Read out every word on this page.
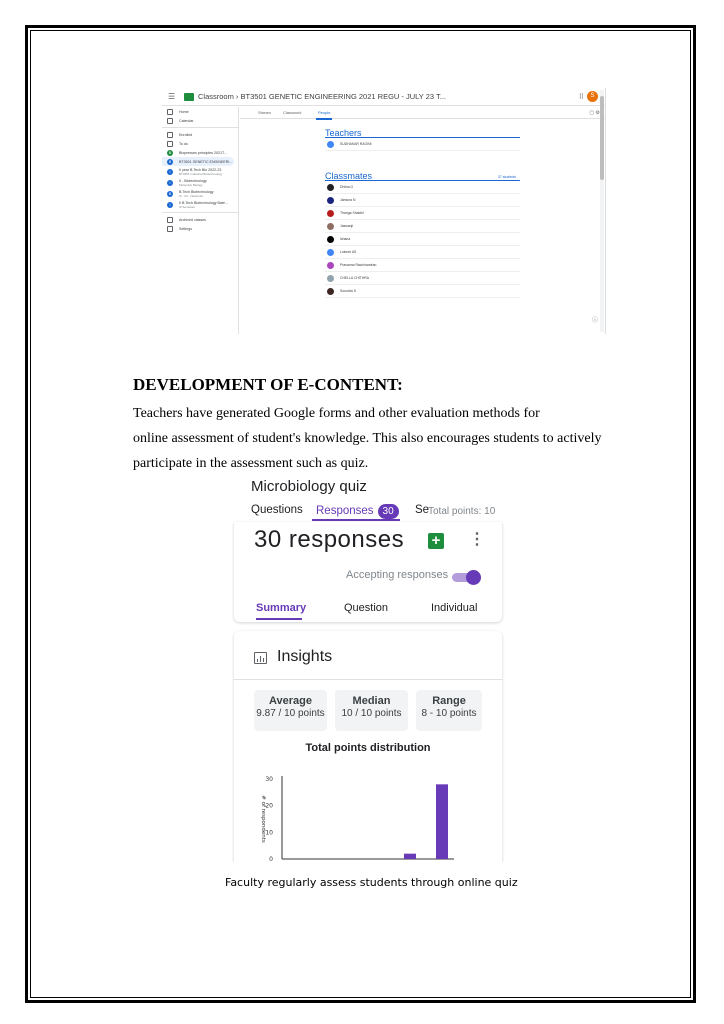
☰	Classroom › BT3501 GENETIC ENGINEERING 2021 REGU - JULY 23 T...	⠿	S
Home
Calendar
Enrolled
To do
B	Biopresses principles 2021T...
B	BT3501 GENETIC ENGINEERI...
I	II year B.Tech Bio 2022-23
BT3351 Industrial Biotechnology
I	II - Biotechnology
Molecular Biology
B	B.Tech Biotechnology
III - VII - Networks
I	II B.Tech Biotechnology Bate...
III Semester
Archived classes
Settings
Stream	Classwork	People	▢ ⚙
Teachers
SUDHAKAR RAGINI
Classmates	37 students
Dhilna G
Jamuna N
Thanga Shakthi
Jaswanji
Ishana
Lokesh AS
Prasanna Ravichandran
CHELLA CHITHRA
Soundra S
ⓘ
DEVELOPMENT OF E-CONTENT:
Teachers have generated Google forms and other evaluation methods for
online assessment of student's knowledge. This also encourages students to actively
participate in the assessment such as quiz.
Microbiology quiz
Questions Responses 30	Se
Total points: 10
30 responses + ⋮
Accepting responses
Summary	Question	Individual
Insights
Average
9.87 / 10 points
Median
10 / 10 points
Range
8 - 10 points
Total points distribution
0
10
20
30
0
1
2
3
4
5
6
7
8
9
10
# of respondents
Faculty regularly assess students through online quiz
